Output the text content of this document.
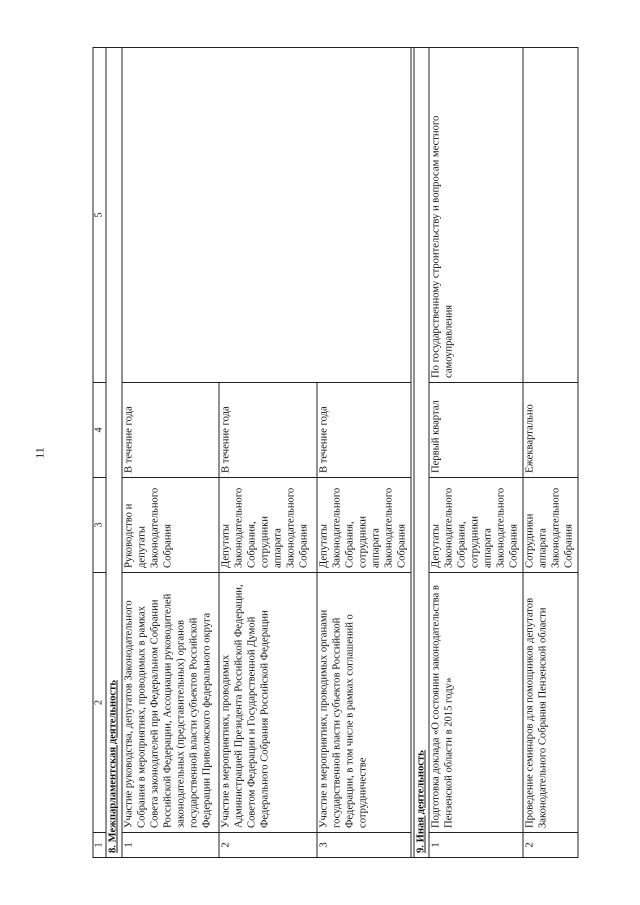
11
1	2	3	4	5
8. Межпарламентская деятельность				
1	Участие руководства, депутатов Законодательного Собрания в мероприятиях, проводимых в рамках Совета законодателей при Федеральном Собрании Российской Федерации, Ассоциации руководителей законодательных (представительных) органов государственной власти субъектов Российской Федерации Приволжского федерального округа	Руководство и депутаты Законодательного Собрания	В течение года	
2	Участие в мероприятиях, проводимых Администрацией Президента Российской Федерации, Советом Федерации и Государственной Думой Федерального Собрания Российской Федерации	Депутаты Законодательного Собрания, сотрудники аппарата Законодательного Собрания	В течение года	
3	Участие в мероприятиях, проводимых органами государственной власти субъектов Российской Федерации, в том числе в рамках соглашений о сотрудничестве	Депутаты Законодательного Собрания, сотрудники аппарата Законодательного Собрания	В течение года	

9. Иная деятельность				
1	Подготовка доклада «О состоянии законодательства в Пензенской области в 2015 году»	Депутаты Законодательного Собрания, сотрудники аппарата Законодательного Собрания	Первый квартал	По государственному строительству и вопросам местного самоуправления
2	Проведение семинаров для помощников депутатов Законодательного Собрания Пензенской области	Сотрудники аппарата Законодательного Собрания	Ежеквартально	
